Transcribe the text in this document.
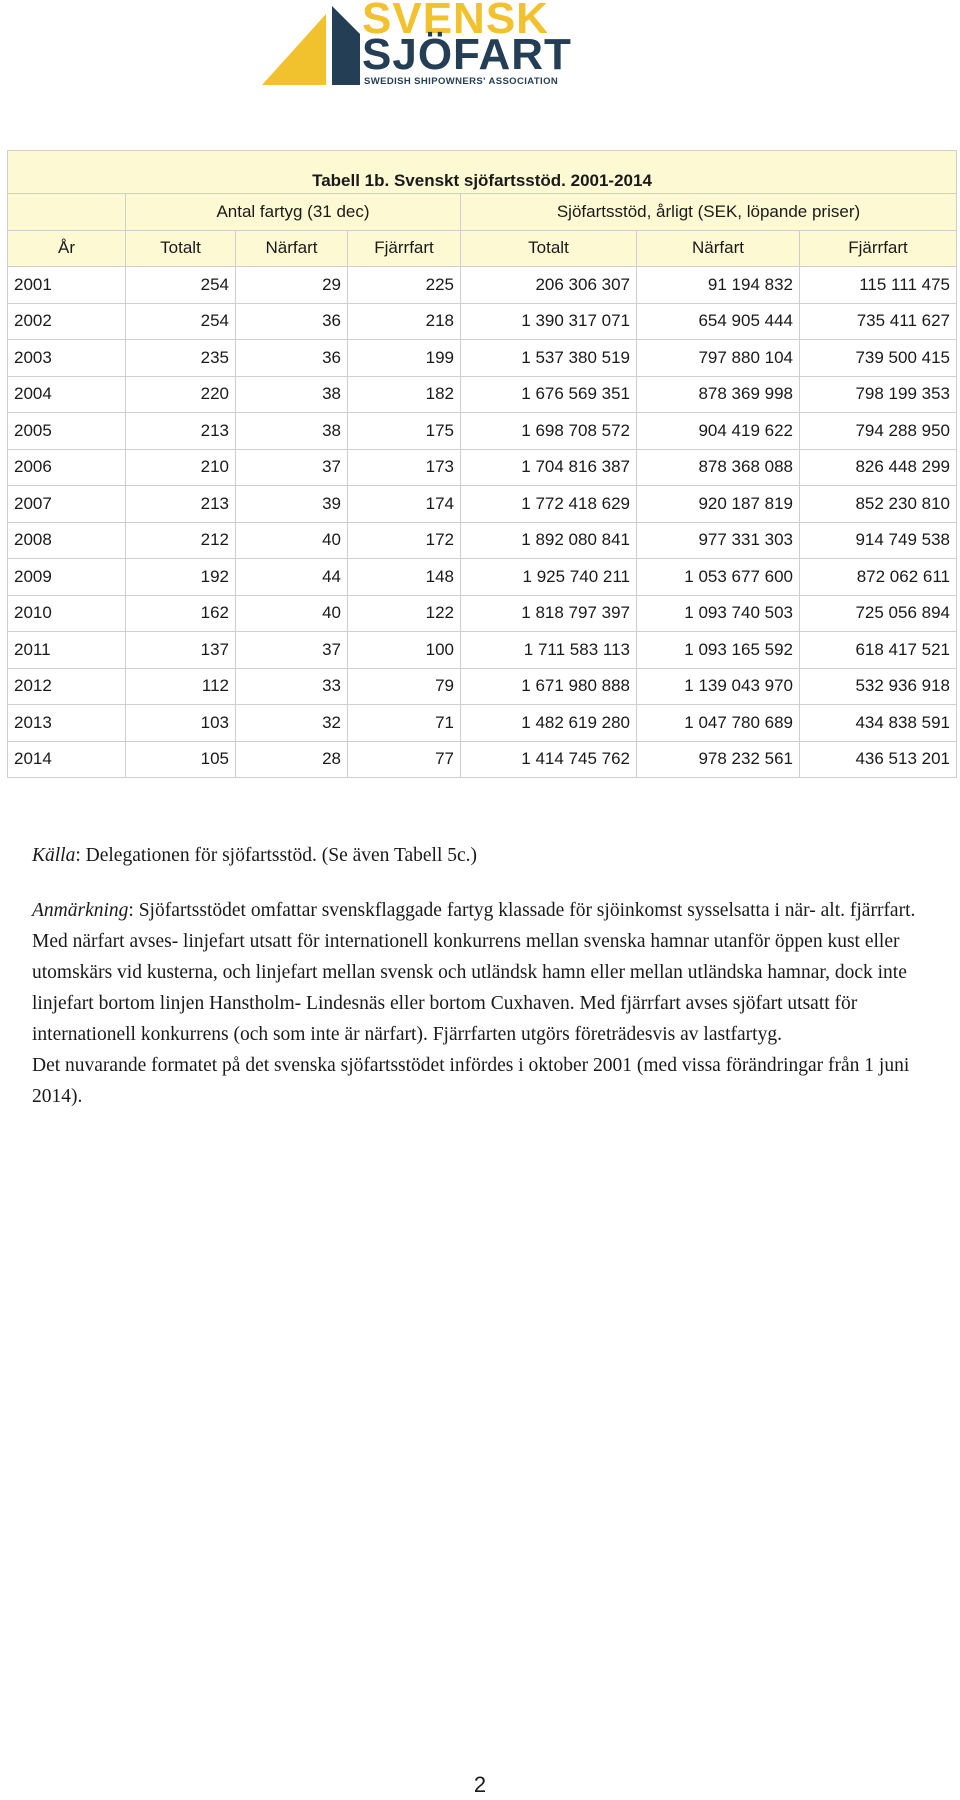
SVENSK
SJÖFART
SWEDISH SHIPOWNERS' ASSOCIATION
Tabell 1b. Svenskt sjöfartsstöd. 2001-2014						
	Antal fartyg (31 dec)			Sjöfartsstöd, årligt (SEK, löpande priser)		
År	Totalt	Närfart	Fjärrfart	Totalt	Närfart	Fjärrfart
2001	254	29	225	206 306 307	91 194 832	115 111 475
2002	254	36	218	1 390 317 071	654 905 444	735 411 627
2003	235	36	199	1 537 380 519	797 880 104	739 500 415
2004	220	38	182	1 676 569 351	878 369 998	798 199 353
2005	213	38	175	1 698 708 572	904 419 622	794 288 950
2006	210	37	173	1 704 816 387	878 368 088	826 448 299
2007	213	39	174	1 772 418 629	920 187 819	852 230 810
2008	212	40	172	1 892 080 841	977 331 303	914 749 538
2009	192	44	148	1 925 740 211	1 053 677 600	872 062 611
2010	162	40	122	1 818 797 397	1 093 740 503	725 056 894
2011	137	37	100	1 711 583 113	1 093 165 592	618 417 521
2012	112	33	79	1 671 980 888	1 139 043 970	532 936 918
2013	103	32	71	1 482 619 280	1 047 780 689	434 838 591
2014	105	28	77	1 414 745 762	978 232 561	436 513 201

Källa: Delegationen för sjöfartsstöd. (Se även Tabell 5c.)

Anmärkning: Sjöfartsstödet omfattar svenskflaggade fartyg klassade för sjöinkomst sysselsatta i när- alt. fjärrfart. Med närfart avses- linjefart utsatt för internationell konkurrens mellan svenska hamnar utanför öppen kust eller utomskärs vid kusterna, och linjefart mellan svensk och utländsk hamn eller mellan utländska hamnar, dock inte linjefart bortom linjen Hanstholm- Lindesnäs eller bortom Cuxhaven. Med fjärrfart avses sjöfart utsatt för internationell konkurrens (och som inte är närfart). Fjärrfarten utgörs företrädesvis av lastfartyg.

Det nuvarande formatet på det svenska sjöfartsstödet infördes i oktober 2001 (med vissa förändringar från 1 juni 2014).

2
